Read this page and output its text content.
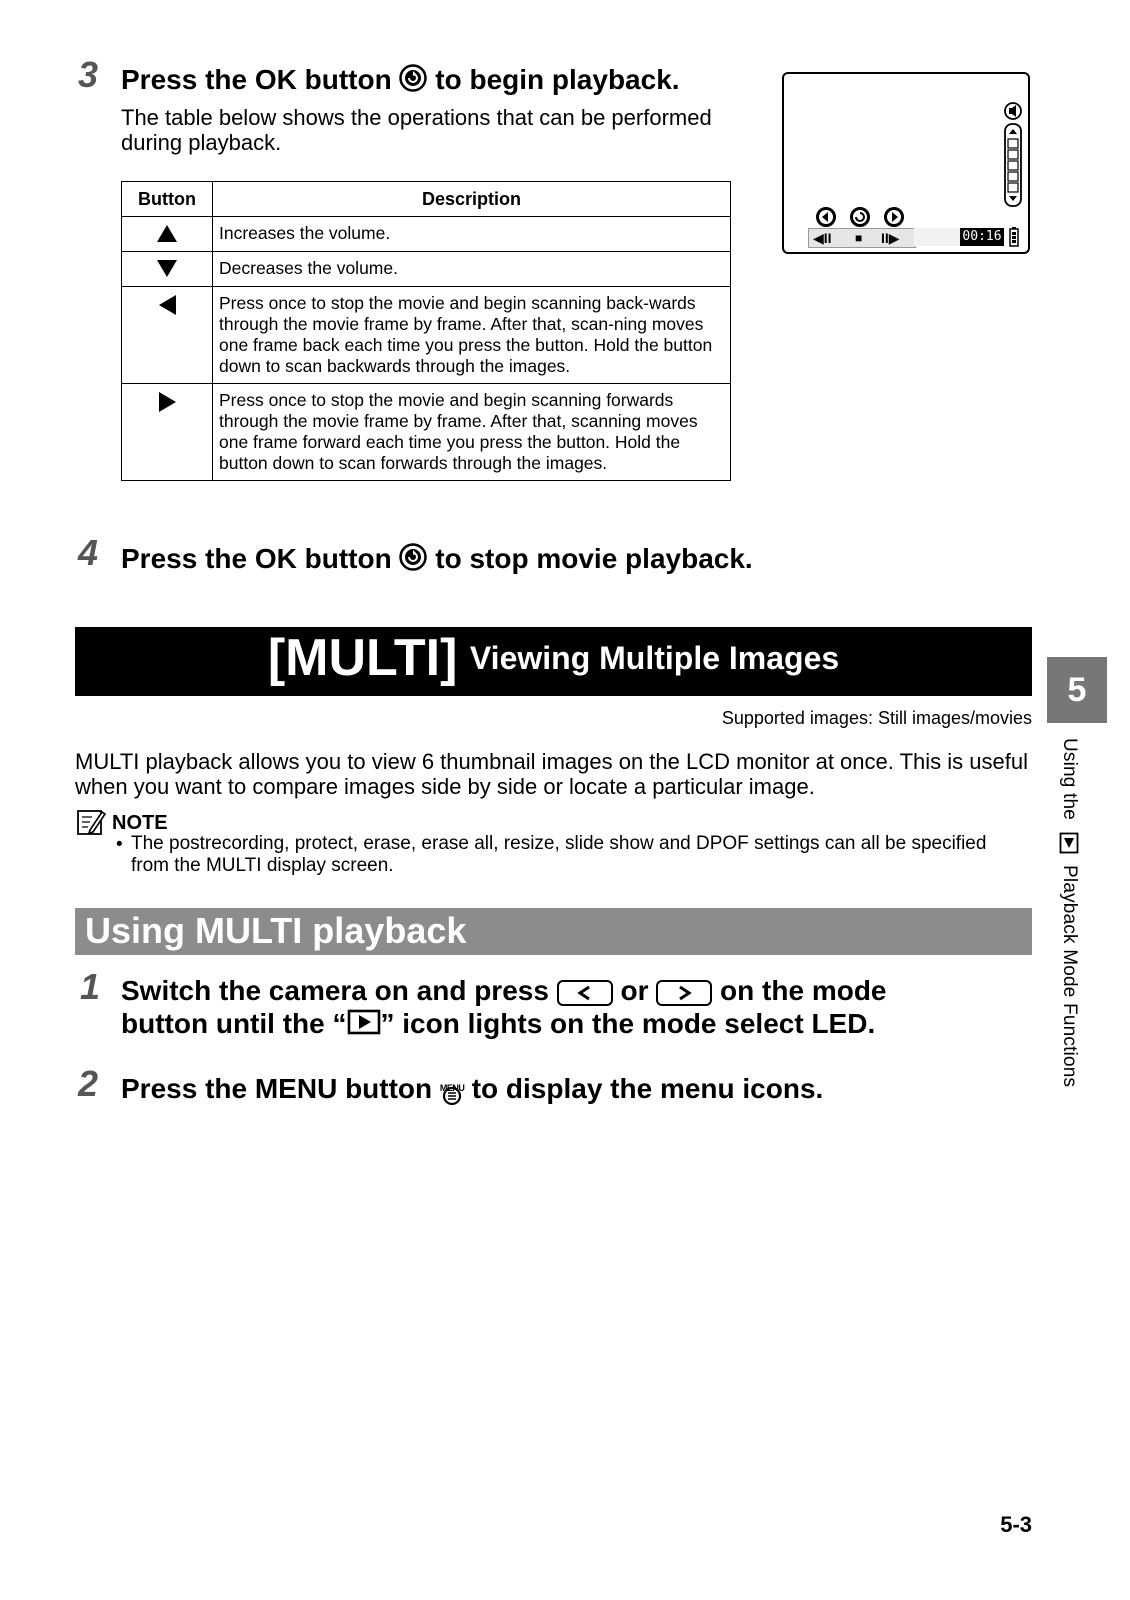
3 Press the OK button to begin playback.
The table below shows the operations that can be performed during playback.
Button	Description
	Increases the volume.
	Decreases the volume.
	Press once to stop the movie and begin scanning back-wards through the movie frame by frame. After that, scan-ning moves one frame back each time you press the button. Hold the button down to scan backwards through the images.
	Press once to stop the movie and begin scanning forwards through the movie frame by frame. After that, scanning moves one frame forward each time you press the button. Hold the button down to scan forwards through the images.
◀II ■ II▶	00:16
4 Press the OK button to stop movie playback.
[MULTI] Viewing Multiple Images
Supported images: Still images/movies
MULTI playback allows you to view 6 thumbnail images on the LCD monitor at once. This is useful when you want to compare images side by side or locate a particular image.
NOTE
• The postrecording, protect, erase, erase all, resize, slide show and DPOF settings can all be specified from the MULTI display screen.
Using MULTI playback
1 Switch the camera on and press	or	on the mode
button until the “ ” icon lights on the mode select LED.
2 Press the MENU button MENU to display the menu icons.
5
Using the  Playback Mode Functions
5-3
